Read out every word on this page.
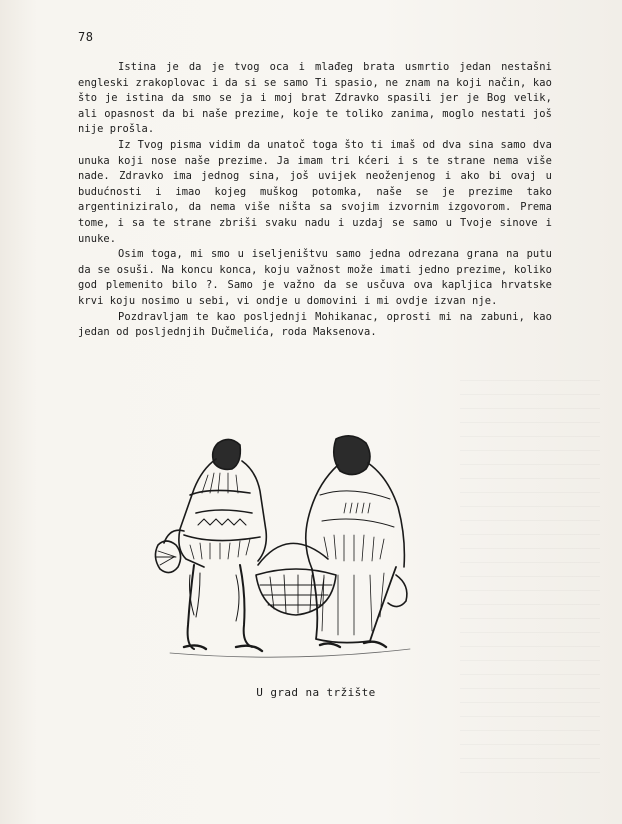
78

Istina je da je tvog oca i mlađeg brata usmrtio jedan nestašni engleski zrakoplovac i da si se samo Ti spasio, ne znam na koji način, kao što je istina da smo se ja i moj brat Zdravko spasili jer je Bog velik, ali opasnost da bi naše prezime, koje te toliko zanima, moglo nestati još nije prošla.

Iz Tvog pisma vidim da unatoč toga što ti imaš od dva sina samo dva unuka koji nose naše prezime. Ja imam tri kćeri i s te strane nema više nade. Zdravko ima jednog sina, još uvijek neoženjenog i ako bi ovaj u budućnosti i imao kojeg muškog potomka, naše se je prezime tako argentiniziralo, da nema više ništa sa svojim izvornim izgovorom. Prema tome, i sa te strane zbriši svaku nadu i uzdaj se samo u Tvoje sinove i unuke.

Osim toga, mi smo u iseljeništvu samo jedna odrezana grana na putu da se osuši. Na koncu konca, koju važnost može imati jedno prezime, koliko god plemenito bilo ?. Samo je važno da se usčuva ova kapljica hrvatske krvi koju nosimo u sebi, vi ondje u domovini i mi ovdje izvan nje.

Pozdravljam te kao posljednji Mohikanac, oprosti mi na zabuni, kao jedan od posljednjih Dučmelića, roda Maksenova.

U grad na tržište
